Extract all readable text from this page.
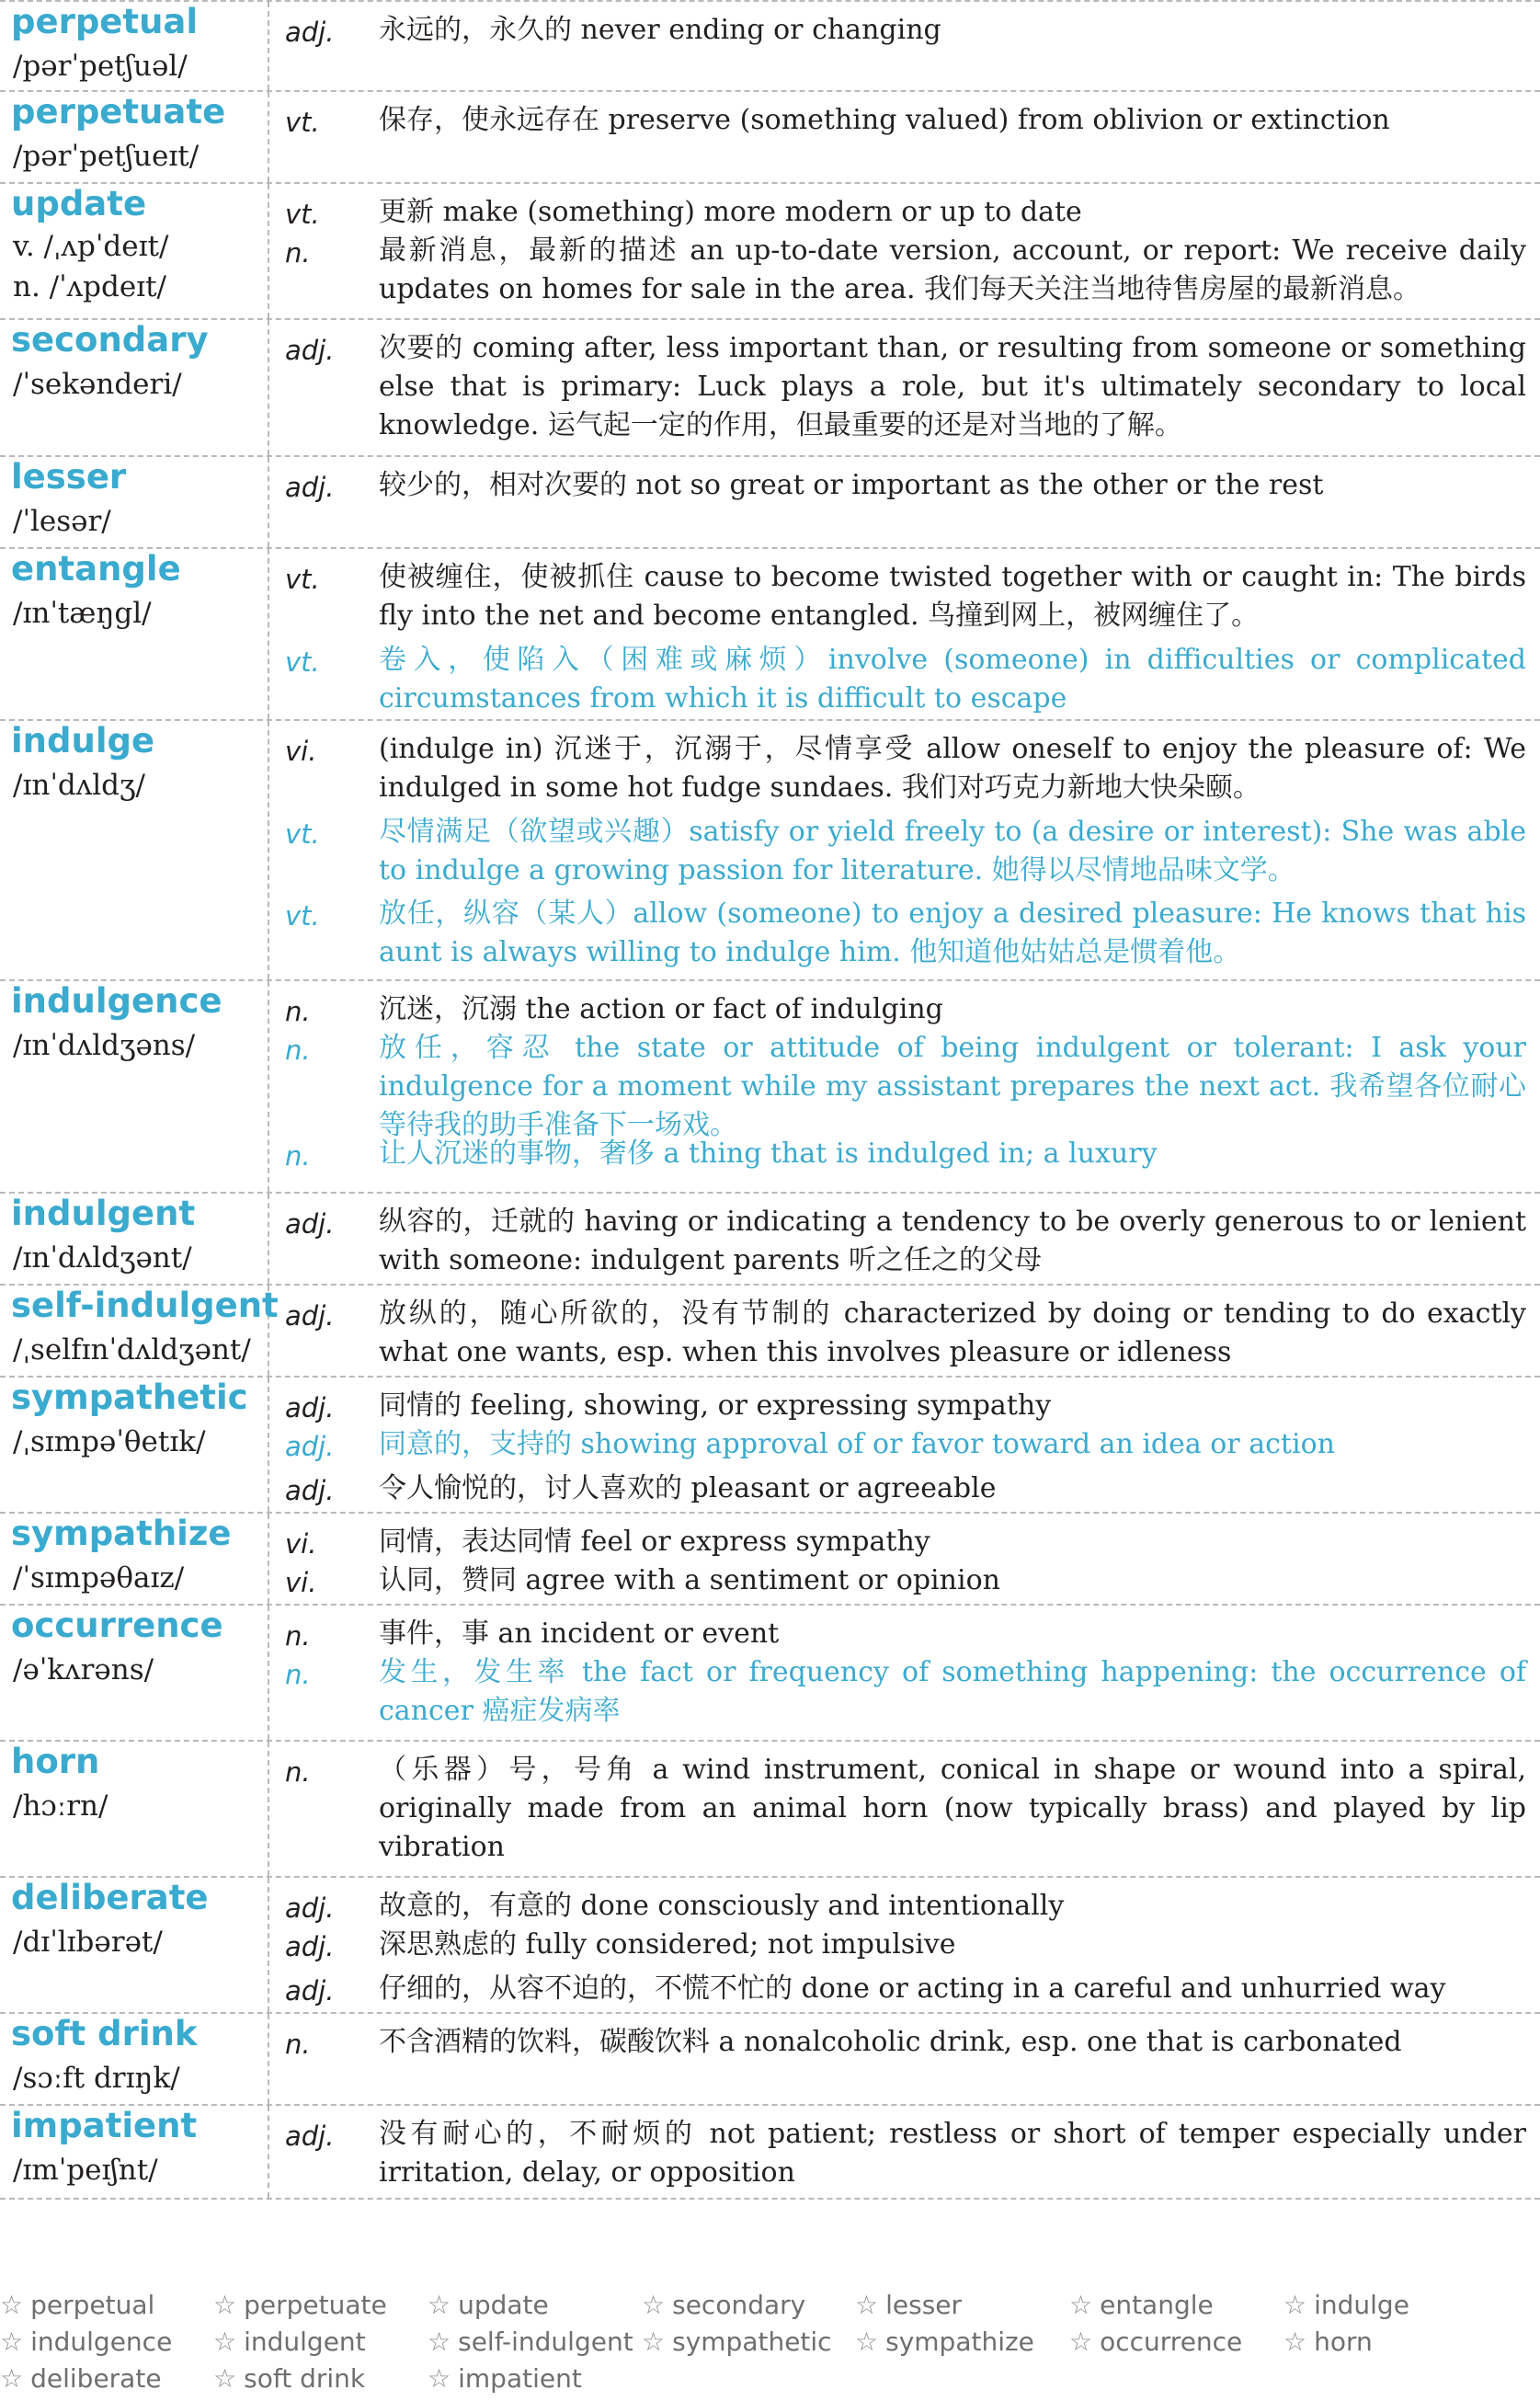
perpetual
/pərˈpetʃuəl/
adj.	永远的，永久的 never ending or changing
perpetuate
/pərˈpetʃueɪt/
vt.	保存，使永远存在 preserve (something valued) from oblivion or extinction
update
v. /ˌʌpˈdeɪt/
n. /ˈʌpdeɪt/
vt.	更新 make (something) more modern or up to date
n.	最新消息，最新的描述 an up-to-date version, account, or report: We receive daily updates on homes for sale in the area. 我们每天关注当地待售房屋的最新消息。
secondary
/ˈsekənderi/
adj.	次要的 coming after, less important than, or resulting from someone or something else that is primary: Luck plays a role, but it's ultimately secondary to local knowledge. 运气起一定的作用，但最重要的还是对当地的了解。
lesser
/ˈlesər/
adj.	较少的，相对次要的 not so great or important as the other or the rest
entangle
/ɪnˈtæŋgl/
vt.	使被缠住，使被抓住 cause to become twisted together with or caught in: The birds fly into the net and become entangled. 鸟撞到网上，被网缠住了。
vt.	卷入，使陷入（困难或麻烦）involve (someone) in difficulties or complicated circumstances from which it is difficult to escape
indulge
/ɪnˈdʌldʒ/
vi.	(indulge in) 沉迷于，沉溺于，尽情享受 allow oneself to enjoy the pleasure of: We indulged in some hot fudge sundaes. 我们对巧克力新地大快朵颐。
vt.	尽情满足（欲望或兴趣）satisfy or yield freely to (a desire or interest): She was able to indulge a growing passion for literature. 她得以尽情地品味文学。
vt.	放任，纵容（某人）allow (someone) to enjoy a desired pleasure: He knows that his aunt is always willing to indulge him. 他知道他姑姑总是惯着他。
indulgence
/ɪnˈdʌldʒəns/
n.	沉迷，沉溺 the action or fact of indulging
n.	放任，容忍 the state or attitude of being indulgent or tolerant: I ask your indulgence for a moment while my assistant prepares the next act. 我希望各位耐心等待我的助手准备下一场戏。
n.	让人沉迷的事物，奢侈 a thing that is indulged in; a luxury
indulgent
/ɪnˈdʌldʒənt/
adj.	纵容的，迁就的 having or indicating a tendency to be overly generous to or lenient with someone: indulgent parents 听之任之的父母
self-indulgent
/ˌselfɪnˈdʌldʒənt/
adj.	放纵的，随心所欲的，没有节制的 characterized by doing or tending to do exactly what one wants, esp. when this involves pleasure or idleness
sympathetic
/ˌsɪmpəˈθetɪk/
adj.	同情的 feeling, showing, or expressing sympathy
adj.	同意的，支持的 showing approval of or favor toward an idea or action
adj.	令人愉悦的，讨人喜欢的 pleasant or agreeable
sympathize
/ˈsɪmpəθaɪz/
vi.	同情，表达同情 feel or express sympathy
vi.	认同，赞同 agree with a sentiment or opinion
occurrence
/əˈkʌrəns/
n.	事件，事 an incident or event
n.	发生，发生率 the fact or frequency of something happening: the occurrence of cancer 癌症发病率
horn
/hɔːrn/
n.	（乐器）号，号角 a wind instrument, conical in shape or wound into a spiral, originally made from an animal horn (now typically brass) and played by lip vibration
deliberate
/dɪˈlɪbərət/
adj.	故意的，有意的 done consciously and intentionally
adj.	深思熟虑的 fully considered; not impulsive
adj.	仔细的，从容不迫的，不慌不忙的 done or acting in a careful and unhurried way
soft drink
/sɔːft drɪŋk/
n.	不含酒精的饮料，碳酸饮料 a nonalcoholic drink, esp. one that is carbonated
impatient
/ɪmˈpeɪʃnt/
adj.	没有耐心的，不耐烦的 not patient; restless or short of temper especially under irritation, delay, or opposition
☆ perpetual ☆ perpetuate ☆ update	☆ secondary ☆ lesser	☆ entangle	☆ indulge
☆ indulgence ☆ indulgent ☆ self-indulgent ☆ sympathetic ☆ sympathize ☆ occurrence ☆ horn
☆ deliberate ☆ soft drink ☆ impatient
